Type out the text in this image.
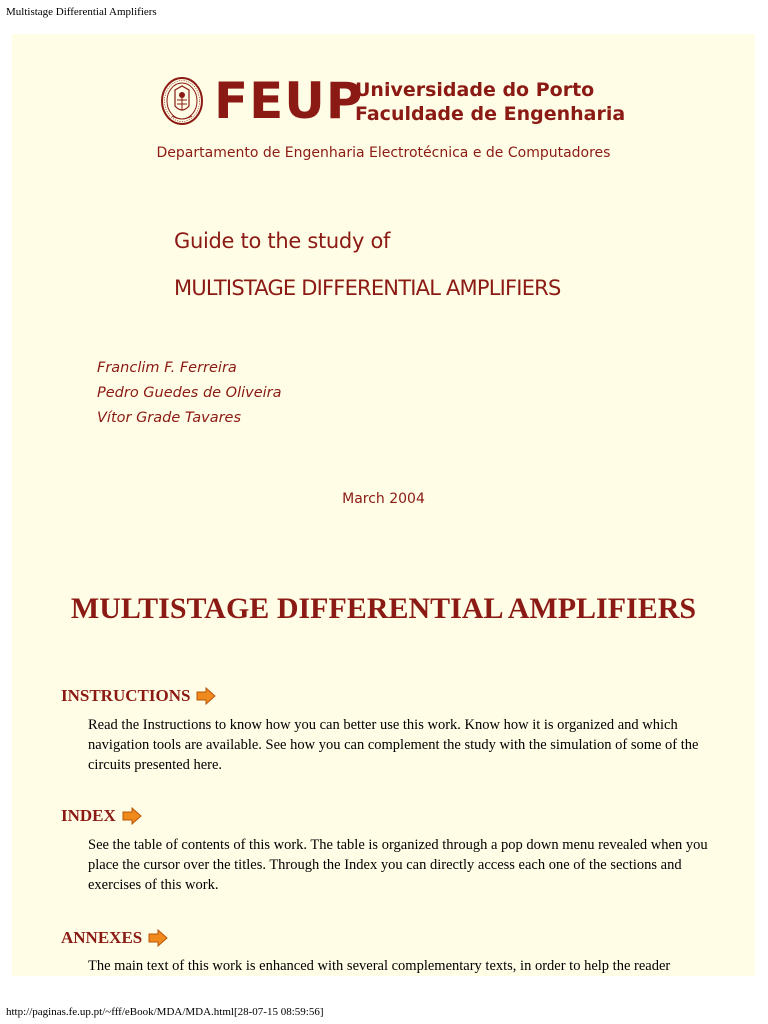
Multistage Differential Amplifiers
FEUP
Universidade do Porto
Faculdade de Engenharia
Departamento de Engenharia Electrotécnica e de Computadores
Guide to the study of
MULTISTAGE DIFFERENTIAL AMPLIFIERS
Franclim F. Ferreira
Pedro Guedes de Oliveira
Vítor Grade Tavares
March 2004
MULTISTAGE DIFFERENTIAL AMPLIFIERS
INSTRUCTIONS
Read the Instructions to know how you can better use this work. Know how it is organized and which navigation tools are available. See how you can complement the study with the simulation of some of the circuits presented here.
INDEX
See the table of contents of this work. The table is organized through a pop down menu revealed when you place the cursor over the titles. Through the Index you can directly access each one of the sections and exercises of this work.
ANNEXES
The main text of this work is enhanced with several complementary texts, in order to help the reader
http://paginas.fe.up.pt/~fff/eBook/MDA/MDA.html[28-07-15 08:59:56]
